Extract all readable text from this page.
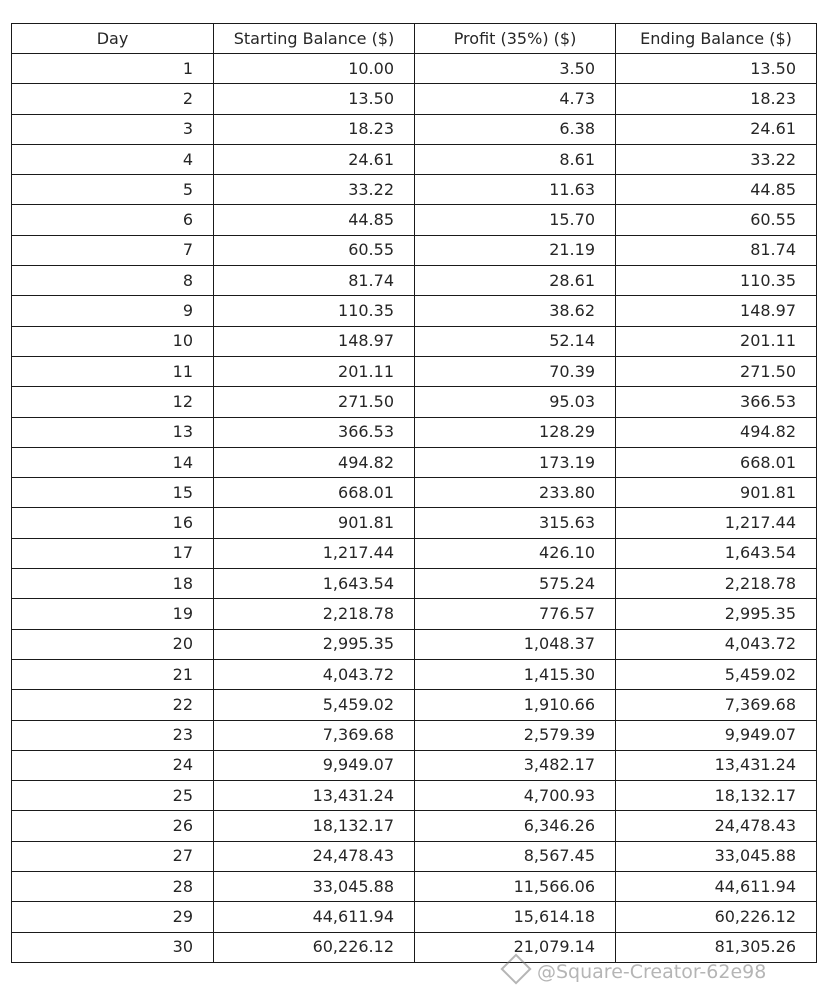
Day	Starting Balance ($)	Profit (35%) ($)	Ending Balance ($)
1	10.00	3.50	13.50
2	13.50	4.73	18.23
3	18.23	6.38	24.61
4	24.61	8.61	33.22
5	33.22	11.63	44.85
6	44.85	15.70	60.55
7	60.55	21.19	81.74
8	81.74	28.61	110.35
9	110.35	38.62	148.97
10	148.97	52.14	201.11
11	201.11	70.39	271.50
12	271.50	95.03	366.53
13	366.53	128.29	494.82
14	494.82	173.19	668.01
15	668.01	233.80	901.81
16	901.81	315.63	1,217.44
17	1,217.44	426.10	1,643.54
18	1,643.54	575.24	2,218.78
19	2,218.78	776.57	2,995.35
20	2,995.35	1,048.37	4,043.72
21	4,043.72	1,415.30	5,459.02
22	5,459.02	1,910.66	7,369.68
23	7,369.68	2,579.39	9,949.07
24	9,949.07	3,482.17	13,431.24
25	13,431.24	4,700.93	18,132.17
26	18,132.17	6,346.26	24,478.43
27	24,478.43	8,567.45	33,045.88
28	33,045.88	11,566.06	44,611.94
29	44,611.94	15,614.18	60,226.12
30	60,226.12	21,079.14	81,305.26
@Square-Creator-62e98
